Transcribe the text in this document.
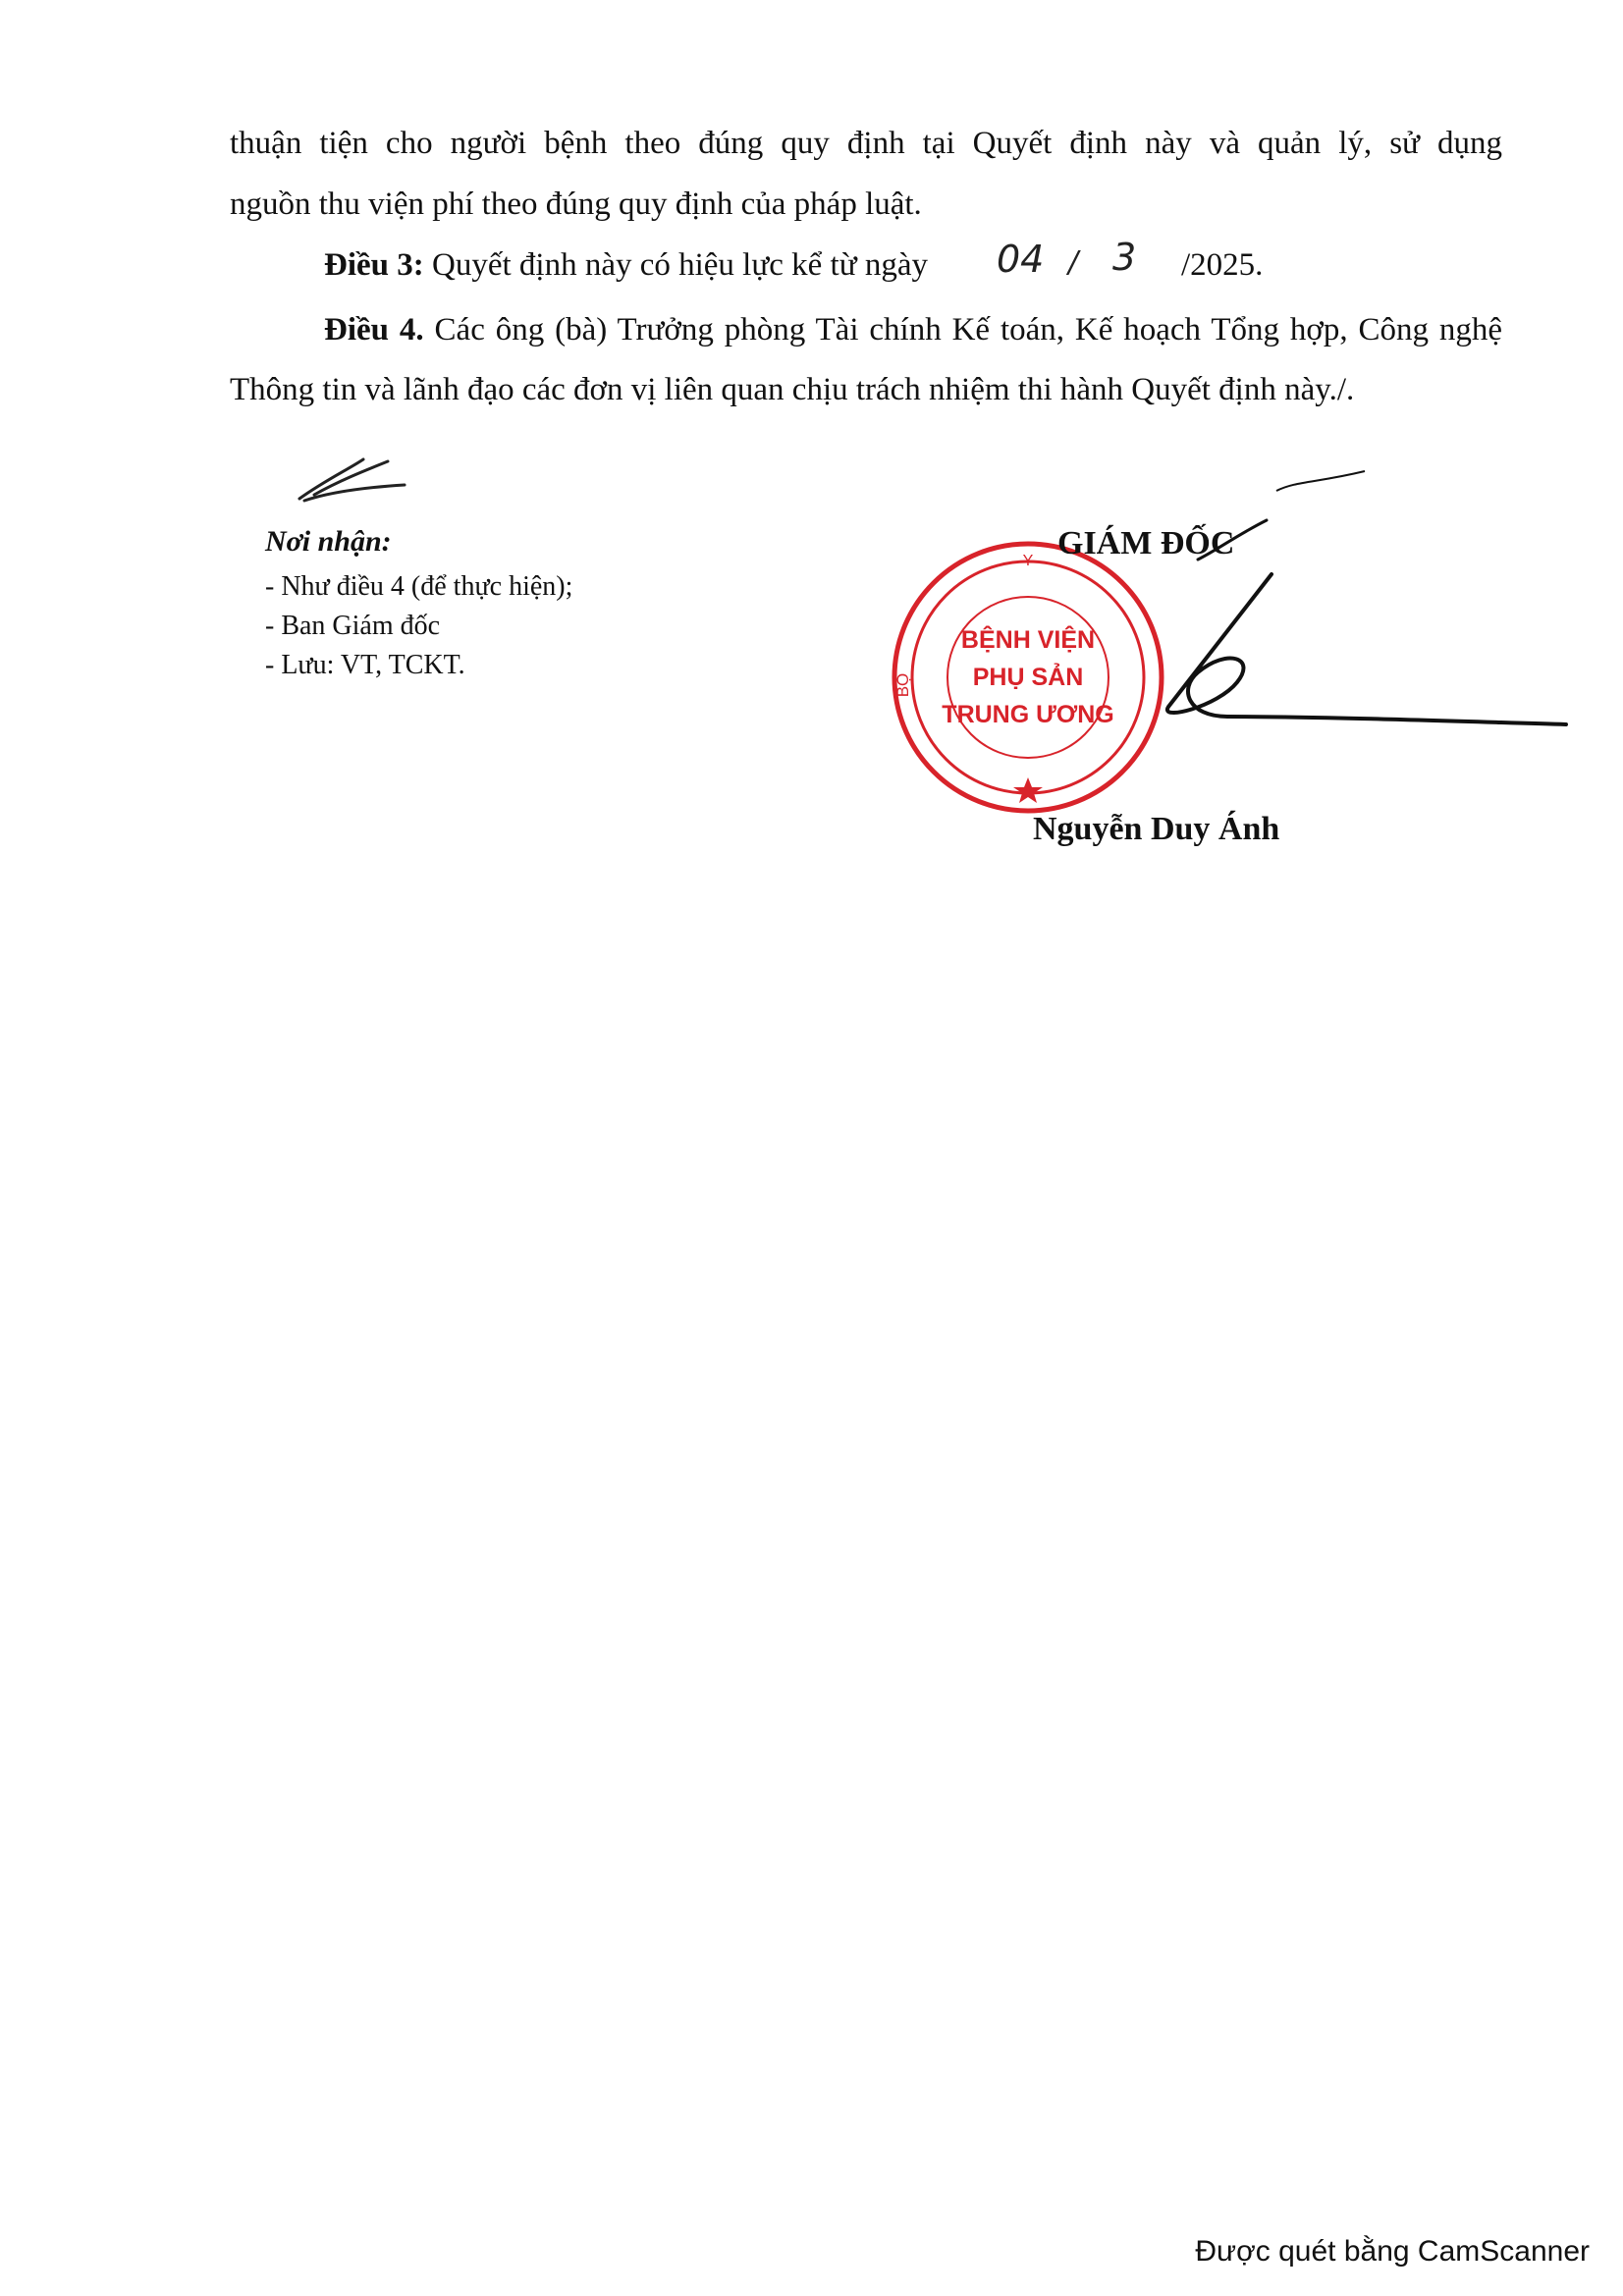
thuận tiện cho người bệnh theo đúng quy định tại Quyết định này và quản lý, sử dụng
nguồn thu viện phí theo đúng quy định của pháp luật.
Điều 3: Quyết định này có hiệu lực kể từ ngày 04 / 3 /2025.
Điều 4. Các ông (bà) Trưởng phòng Tài chính Kế toán, Kế hoạch Tổng hợp, Công nghệ Thông tin và lãnh đạo các đơn vị liên quan chịu trách nhiệm thi hành Quyết định này./.
Nơi nhận:
- Như điều 4 (để thực hiện);
- Ban Giám đốc
- Lưu: VT, TCKT.
Y
BỘ
BỆNH VIỆN
PHỤ SẢN
TRUNG ƯƠNG
GIÁM ĐỐC
Nguyễn Duy Ánh
Được quét bằng CamScanner
